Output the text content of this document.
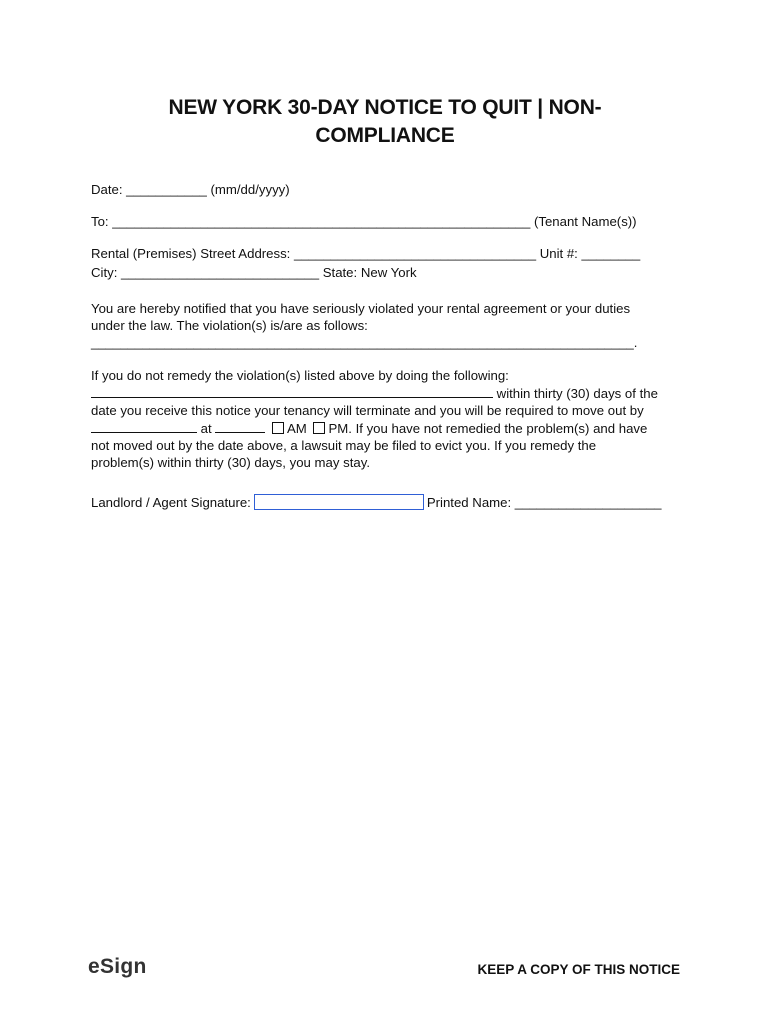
NEW YORK 30-DAY NOTICE TO QUIT | NON-
COMPLIANCE
Date: ___________ (mm/dd/yyyy)
To: _________________________________________________________ (Tenant Name(s))
Rental (Premises) Street Address: _________________________________ Unit #: ________
City: ___________________________ State: New York
You are hereby notified that you have seriously violated your rental agreement or your duties
under the law. The violation(s) is/are as follows:
__________________________________________________________________________.
If you do not remedy the violation(s) listed above by doing the following:
within thirty (30) days of the
date you receive this notice your tenancy will terminate and you will be required to move out by
at	AM PM. If you have not remedied the problem(s) and have
not moved out by the date above, a lawsuit may be filed to evict you. If you remedy the
problem(s) within thirty (30) days, you may stay.
Landlord / Agent Signature:	Printed Name: ____________________
eSign	KEEP A COPY OF THIS NOTICE
